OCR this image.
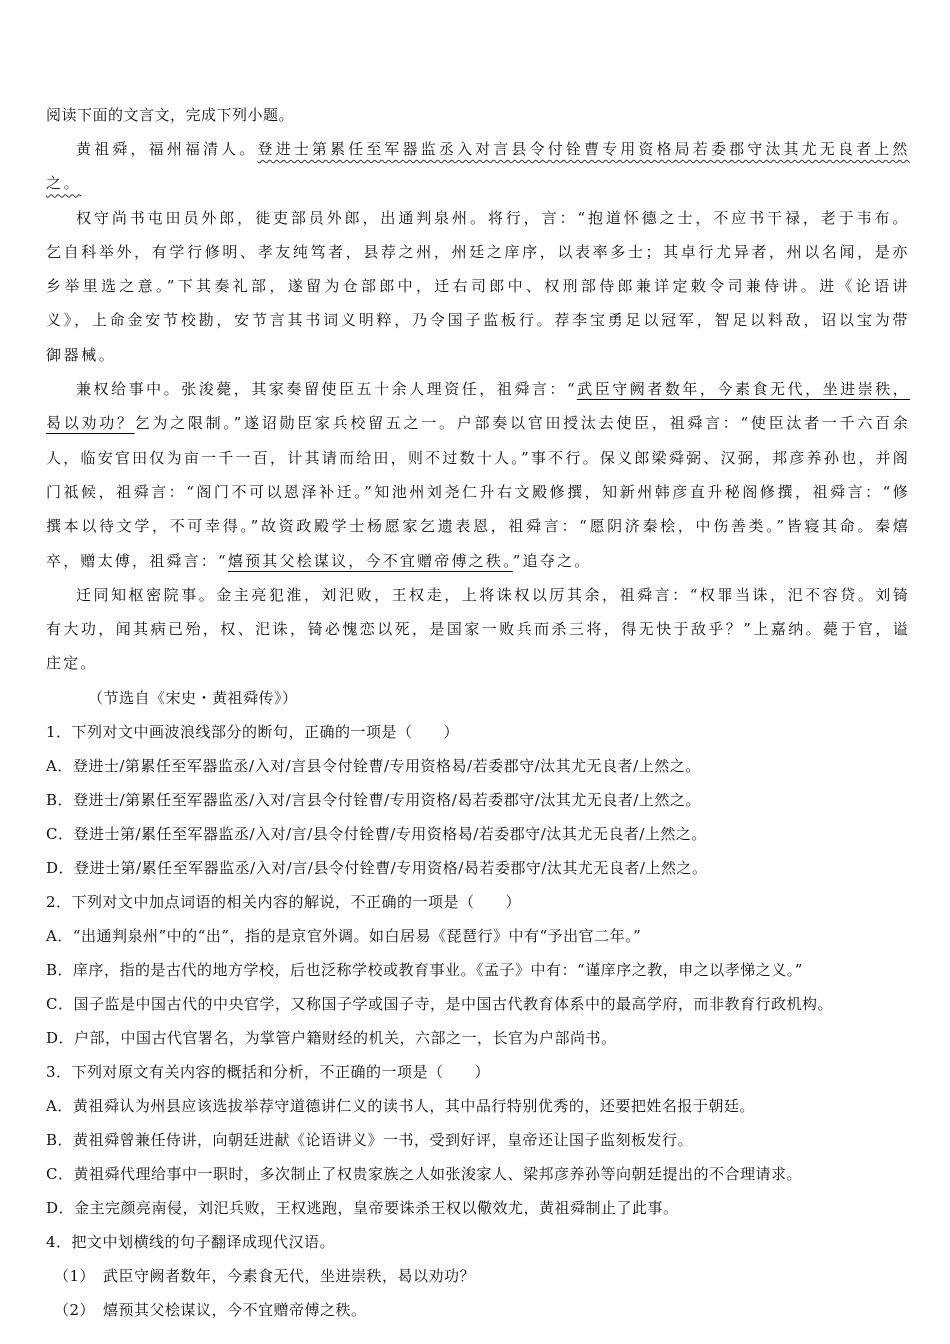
阅读下面的文言文，完成下列小题。
黄祖舜，福州福清人。登进士第累任至军器监丞入对言县令付铨曹专用资格局若委郡守汰其尤无良者上然之。
权守尚书屯田员外郎，徙吏部员外郎，出通判泉州。将行，言：“抱道怀德之士，不应书干禄，老于韦布。乞自科举外，有学行修明、孝友纯笃者，县荐之州，州廷之庠序，以表率多士；其卓行尤异者，州以名闻，是亦乡举里选之意。”下其奏礼部，遂留为仓部郎中，迁右司郎中、权刑部侍郎兼详定敕令司兼侍讲。进《论语讲义》，上命金安节校勘，安节言其书词义明粹，乃令国子监板行。荐李宝勇足以冠军，智足以料敌，诏以宝为带御器械。
兼权给事中。张浚薨，其家奏留使臣五十余人理资任，祖舜言：“武臣守阙者数年，今素食无代，坐进崇秩，曷以劝功？乞为之限制。”遂诏勋臣家兵校留五之一。户部奏以官田授汰去使臣，祖舜言：“使臣汰者一千六百余人，临安官田仅为亩一千一百，计其请而给田，则不过数十人。”事不行。保义郎梁舜弼、汉弼，邦彦养孙也，并阁门祗候，祖舜言：“阁门不可以恩泽补迁。”知池州刘尧仁升右文殿修撰，知新州韩彦直升秘阁修撰，祖舜言：“修撰本以待文学，不可幸得。”故资政殿学士杨愿家乞遗表恩，祖舜言：“愿阴济秦桧，中伤善类。”皆寝其命。秦熺卒，赠太傅，祖舜言：“熺预其父桧谋议，今不宜赠帝傅之秩。”追夺之。
迁同知枢密院事。金主亮犯淮，刘汜败，王权走，上将诛权以厉其余，祖舜言：“权罪当诛，汜不容贷。刘锜有大功，闻其病已殆，权、汜诛，锜必愧恋以死，是国家一败兵而杀三将，得无快于敌乎？”上嘉纳。薨于官，谥庄定。
（节选自《宋史・黄祖舜传》）
1．下列对文中画波浪线部分的断句，正确的一项是（　　）
A．登进士/第累任至军器监丞/入对/言县令付铨曹/专用资格曷/若委郡守/汰其尤无良者/上然之。
B．登进士/第累任至军器监丞/入对/言县令付铨曹/专用资格/曷若委郡守/汰其尤无良者/上然之。
C．登进士第/累任至军器监丞/入对/言/县令付铨曹/专用资格曷/若委郡守/汰其尤无良者/上然之。
D．登进士第/累任至军器监丞/入对/言/县令付铨曹/专用资格/曷若委郡守/汰其尤无良者/上然之。
2．下列对文中加点词语的相关内容的解说，不正确的一项是（　　）
A．“出通判泉州”中的“出”，指的是京官外调。如白居易《琵琶行》中有“予出官二年。”
B．庠序，指的是古代的地方学校，后也泛称学校或教育事业。《孟子》中有：“谨庠序之教，申之以孝悌之义。”
C．国子监是中国古代的中央官学，又称国子学或国子寺，是中国古代教育体系中的最高学府，而非教育行政机构。
D．户部，中国古代官署名，为掌管户籍财经的机关，六部之一，长官为户部尚书。
3．下列对原文有关内容的概括和分析，不正确的一项是（　　）
A．黄祖舜认为州县应该选拔举荐守道德讲仁义的读书人，其中品行特别优秀的，还要把姓名报于朝廷。
B．黄祖舜曾兼任侍讲，向朝廷进献《论语讲义》一书，受到好评，皇帝还让国子监刻板发行。
C．黄祖舜代理给事中一职时，多次制止了权贵家族之人如张浚家人、梁邦彦养孙等向朝廷提出的不合理请求。
D．金主完颜亮南侵，刘汜兵败，王权逃跑，皇帝要诛杀王权以儆效尤，黄祖舜制止了此事。
4．把文中划横线的句子翻译成现代汉语。
（1）　武臣守阙者数年，今素食无代，坐进崇秩，曷以劝功？
（2）　熺预其父桧谋议，今不宜赠帝傅之秩。
